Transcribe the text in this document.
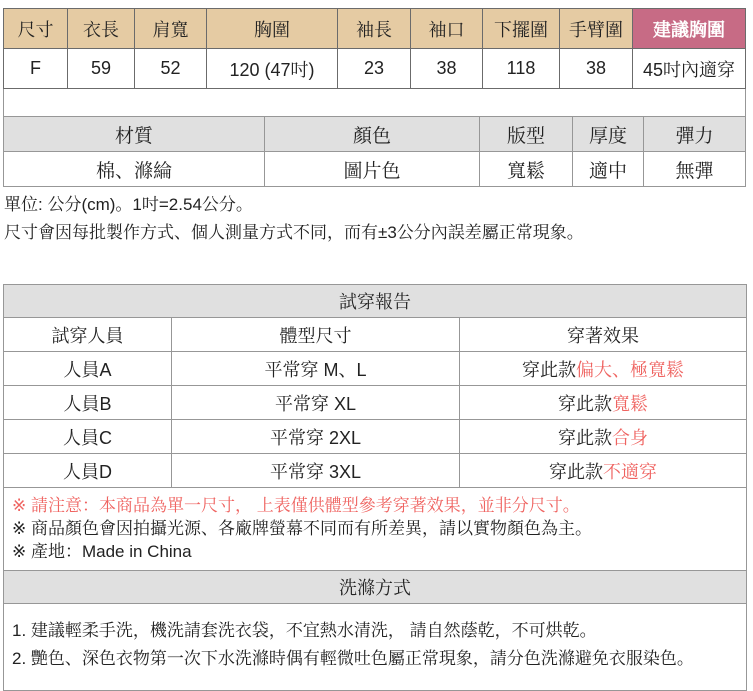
尺寸	衣長	肩寬	胸圍	袖長	袖口	下擺圍	手臂圍	建議胸圍
F	59	52	120 (47吋)	23	38	118	38	45吋內適穿
材質	顏色	版型	厚度	彈力
棉、滌綸	圖片色	寬鬆	適中	無彈
單位: 公分(cm)。1吋=2.54公分。
尺寸會因每批製作方式、個人測量方式不同，而有±3公分內誤差屬正常現象。
試穿報告		
試穿人員	體型尺寸	穿著效果
人員A	平常穿 M、L	穿此款偏大、極寬鬆
人員B	平常穿 XL	穿此款寬鬆
人員C	平常穿 2XL	穿此款合身
人員D	平常穿 3XL	穿此款不適穿

※ 請注意：本商品為單一尺寸， 上表僅供體型參考穿著效果，並非分尺寸。
※ 商品顏色會因拍攝光源、各廠牌螢幕不同而有所差異，請以實物顏色為主。
※ 產地：Made in China		

洗滌方式		

1. 建議輕柔手洗，機洗請套洗衣袋，不宜熱水清洗， 請自然蔭乾，不可烘乾。
2. 艷色、深色衣物第一次下水洗滌時偶有輕微吐色屬正常現象，請分色洗滌避免衣服染色。		
